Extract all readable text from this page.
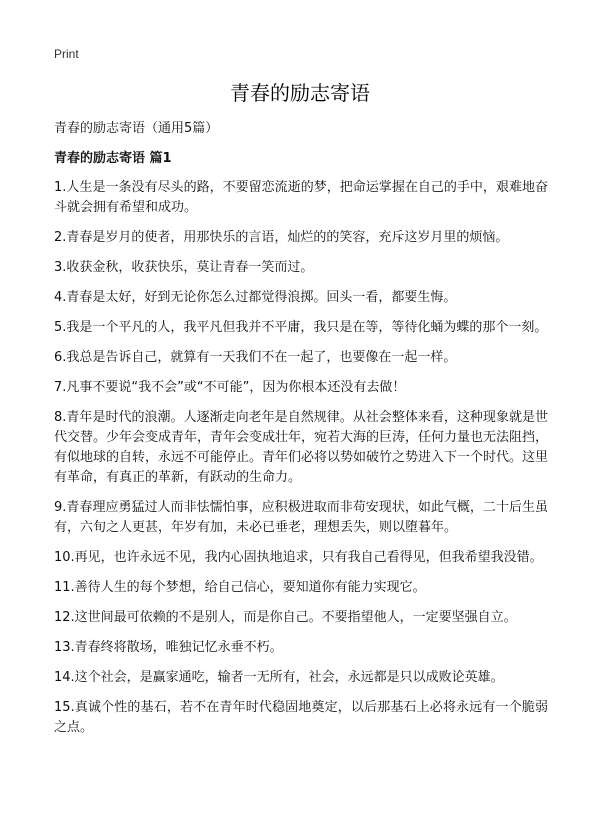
Print
青春的励志寄语
青春的励志寄语（通用5篇）
青春的励志寄语 篇1
1.人生是一条没有尽头的路，不要留恋流逝的梦，把命运掌握在自己的手中，艰难地奋斗就会拥有希望和成功。
2.青春是岁月的使者，用那快乐的言语，灿烂的的笑容，充斥这岁月里的烦恼。
3.收获金秋，收获快乐，莫让青春一笑而过。
4.青春是太好，好到无论你怎么过都觉得浪掷。回头一看，都要生悔。
5.我是一个平凡的人，我平凡但我并不平庸，我只是在等，等待化蛹为蝶的那个一刻。
6.我总是告诉自己，就算有一天我们不在一起了，也要像在一起一样。
7.凡事不要说“我不会”或“不可能”，因为你根本还没有去做！
8.青年是时代的浪潮。人逐渐走向老年是自然规律。从社会整体来看，这种现象就是世代交替。少年会变成青年，青年会变成壮年，宛若大海的巨涛，任何力量也无法阻挡，有似地球的自转，永远不可能停止。青年们必将以势如破竹之势进入下一个时代。这里有革命，有真正的革新，有跃动的生命力。
9.青春理应勇猛过人而非怯懦怕事，应积极进取而非苟安现状，如此气概，二十后生虽有，六旬之人更甚，年岁有加，未必已垂老，理想丢失，则以堕暮年。
10.再见，也许永远不见，我内心固执地追求，只有我自己看得见，但我希望我没错。
11.善待人生的每个梦想，给自己信心，要知道你有能力实现它。
12.这世间最可依赖的不是别人，而是你自己。不要指望他人，一定要坚强自立。
13.青春终将散场，唯独记忆永垂不朽。
14.这个社会，是赢家通吃，输者一无所有，社会，永远都是只以成败论英雄。
15.真诚个性的基石，若不在青年时代稳固地奠定，以后那基石上必将永远有一个脆弱之点。
